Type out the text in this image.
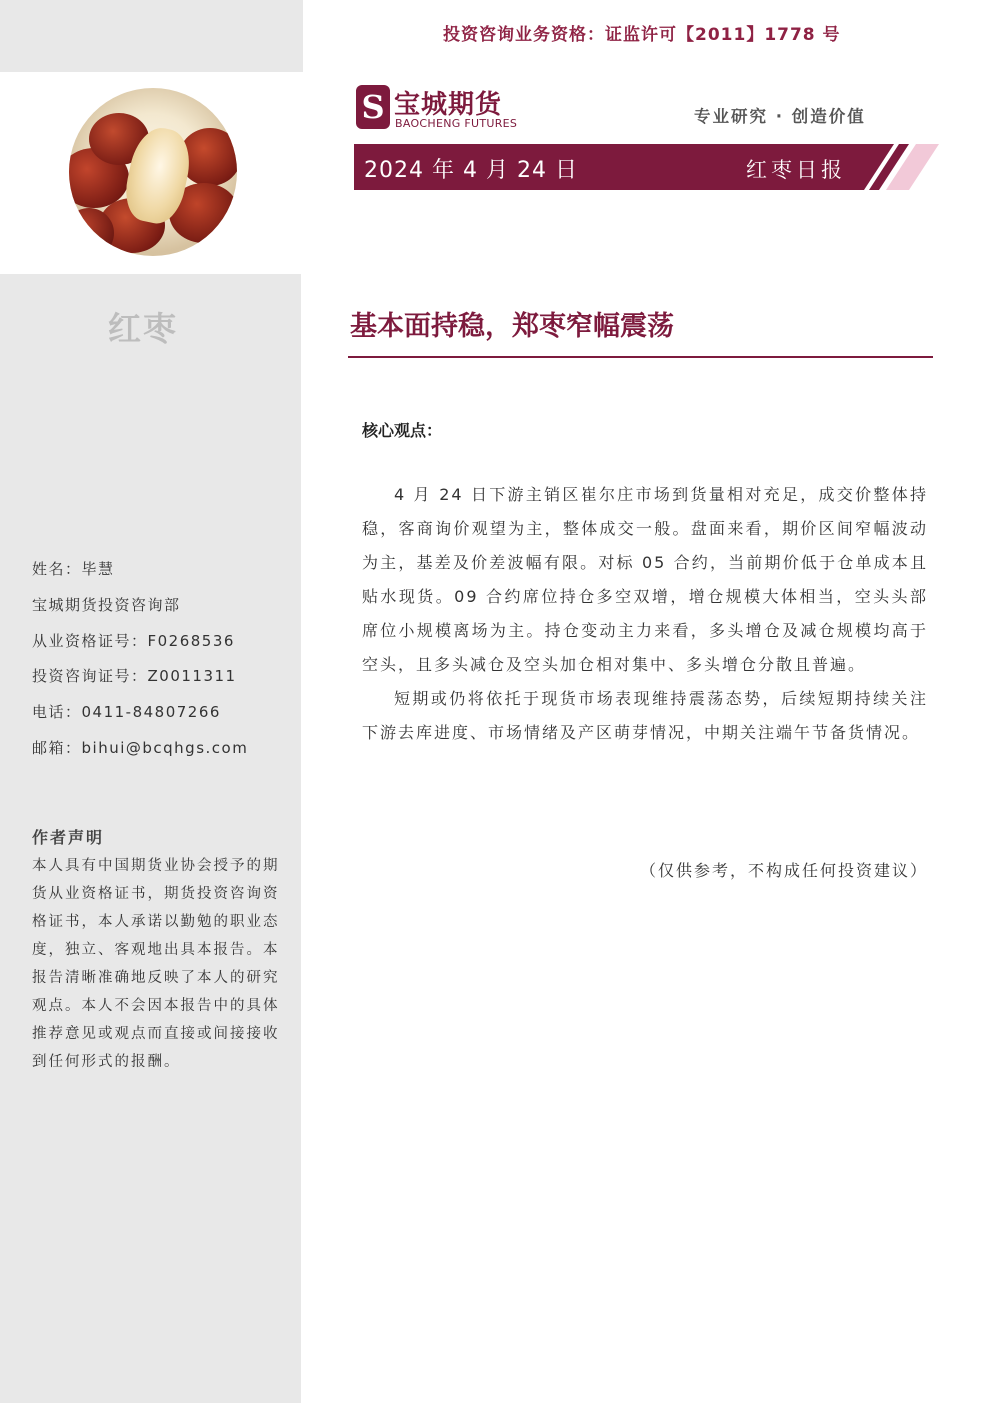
红枣
姓名：毕慧
宝城期货投资咨询部
从业资格证号：F0268536
投资咨询证号：Z0011311
电话：0411-84807266
邮箱：bihui@bcqhgs.com
作者声明
本人具有中国期货业协会授予的期货从业资格证书，期货投资咨询资格证书，本人承诺以勤勉的职业态度，独立、客观地出具本报告。本报告清晰准确地反映了本人的研究观点。本人不会因本报告中的具体推荐意见或观点而直接或间接接收到任何形式的报酬。
投资咨询业务资格：证监许可【2011】1778 号
S 宝城期货
BAOCHENG FUTURES	专业研究 · 创造价值
2024 年 4 月 24 日	红枣日报
基本面持稳，郑枣窄幅震荡
核心观点：

4 月 24 日下游主销区崔尔庄市场到货量相对充足，成交价整体持稳，客商询价观望为主，整体成交一般。盘面来看，期价区间窄幅波动为主，基差及价差波幅有限。对标 05 合约，当前期价低于仓单成本且贴水现货。09 合约席位持仓多空双增，增仓规模大体相当，空头头部席位小规模离场为主。持仓变动主力来看，多头增仓及减仓规模均高于空头，且多头减仓及空头加仓相对集中、多头增仓分散且普遍。

短期或仍将依托于现货市场表现维持震荡态势，后续短期持续关注下游去库进度、市场情绪及产区萌芽情况，中期关注端午节备货情况。

（仅供参考，不构成任何投资建议）
